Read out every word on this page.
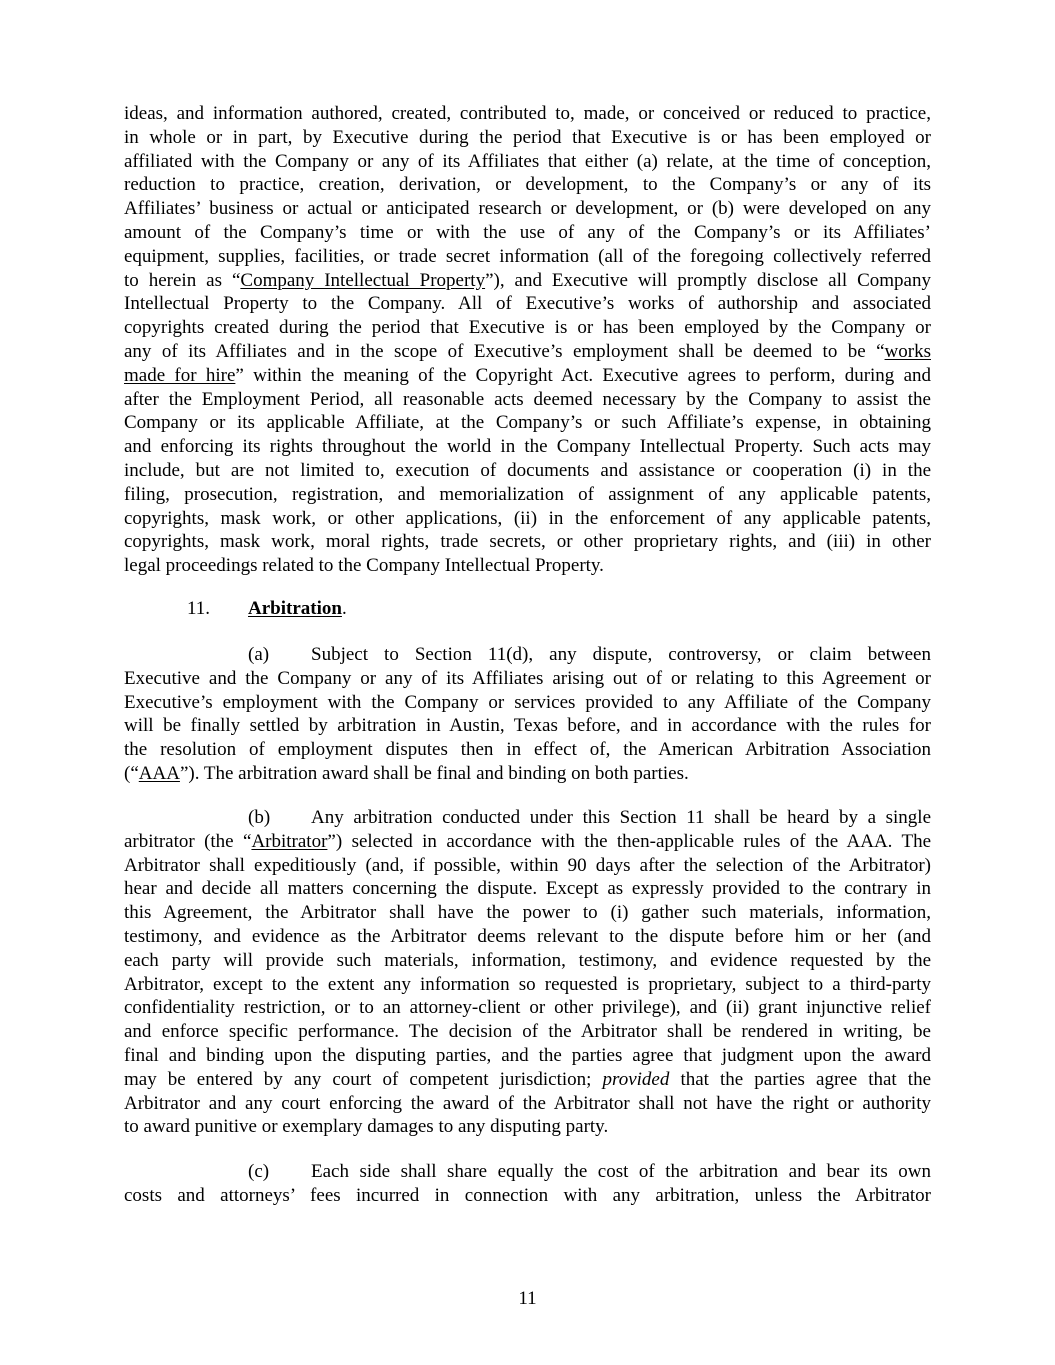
ideas, and information authored, created, contributed to, made, or conceived or reduced to practice,
in whole or in part, by Executive during the period that Executive is or has been employed or
affiliated with the Company or any of its Affiliates that either (a) relate, at the time of conception,
reduction to practice, creation, derivation, or development, to the Company’s or any of its
Affiliates’ business or actual or anticipated research or development, or (b) were developed on any
amount of the Company’s time or with the use of any of the Company’s or its Affiliates’
equipment, supplies, facilities, or trade secret information (all of the foregoing collectively referred
to herein as “Company Intellectual Property”), and Executive will promptly disclose all Company
Intellectual Property to the Company. All of Executive’s works of authorship and associated
copyrights created during the period that Executive is or has been employed by the Company or
any of its Affiliates and in the scope of Executive’s employment shall be deemed to be “works
made for hire” within the meaning of the Copyright Act. Executive agrees to perform, during and
after the Employment Period, all reasonable acts deemed necessary by the Company to assist the
Company or its applicable Affiliate, at the Company’s or such Affiliate’s expense, in obtaining
and enforcing its rights throughout the world in the Company Intellectual Property. Such acts may
include, but are not limited to, execution of documents and assistance or cooperation (i) in the
filing, prosecution, registration, and memorialization of assignment of any applicable patents,
copyrights, mask work, or other applications, (ii) in the enforcement of any applicable patents,
copyrights, mask work, moral rights, trade secrets, or other proprietary rights, and (iii) in other
legal proceedings related to the Company Intellectual Property.
11. Arbitration.
(a) Subject to Section 11(d), any dispute, controversy, or claim between
Executive and the Company or any of its Affiliates arising out of or relating to this Agreement or
Executive’s employment with the Company or services provided to any Affiliate of the Company
will be finally settled by arbitration in Austin, Texas before, and in accordance with the rules for
the resolution of employment disputes then in effect of, the American Arbitration Association
(“AAA”). The arbitration award shall be final and binding on both parties.
(b) Any arbitration conducted under this Section 11 shall be heard by a single
arbitrator (the “Arbitrator”) selected in accordance with the then-applicable rules of the AAA. The
Arbitrator shall expeditiously (and, if possible, within 90 days after the selection of the Arbitrator)
hear and decide all matters concerning the dispute. Except as expressly provided to the contrary in
this Agreement, the Arbitrator shall have the power to (i) gather such materials, information,
testimony, and evidence as the Arbitrator deems relevant to the dispute before him or her (and
each party will provide such materials, information, testimony, and evidence requested by the
Arbitrator, except to the extent any information so requested is proprietary, subject to a third-party
confidentiality restriction, or to an attorney-client or other privilege), and (ii) grant injunctive relief
and enforce specific performance. The decision of the Arbitrator shall be rendered in writing, be
final and binding upon the disputing parties, and the parties agree that judgment upon the award
may be entered by any court of competent jurisdiction; provided that the parties agree that the
Arbitrator and any court enforcing the award of the Arbitrator shall not have the right or authority
to award punitive or exemplary damages to any disputing party.
(c) Each side shall share equally the cost of the arbitration and bear its own
costs and attorneys’ fees incurred in connection with any arbitration, unless the Arbitrator
11
